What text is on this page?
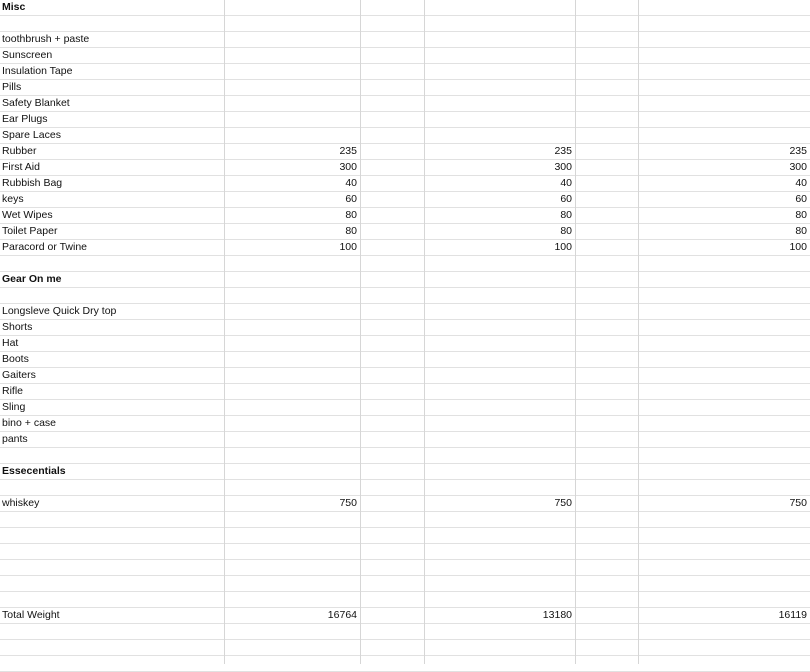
Misc
toothbrush + paste
Sunscreen
Insulation Tape
Pills
Safety Blanket
Ear Plugs
Spare Laces
Rubber	235	235	235
First Aid	300	300	300
Rubbish Bag	40	40	40
keys	60	60	60
Wet Wipes	80	80	80
Toilet Paper	80	80	80
Paracord or Twine	100	100	100
Gear On me
Longsleve Quick Dry top
Shorts
Hat
Boots
Gaiters
Rifle
Sling
bino + case
pants
Essecentials
whiskey	750	750	750
Total Weight	16764	13180	16119
